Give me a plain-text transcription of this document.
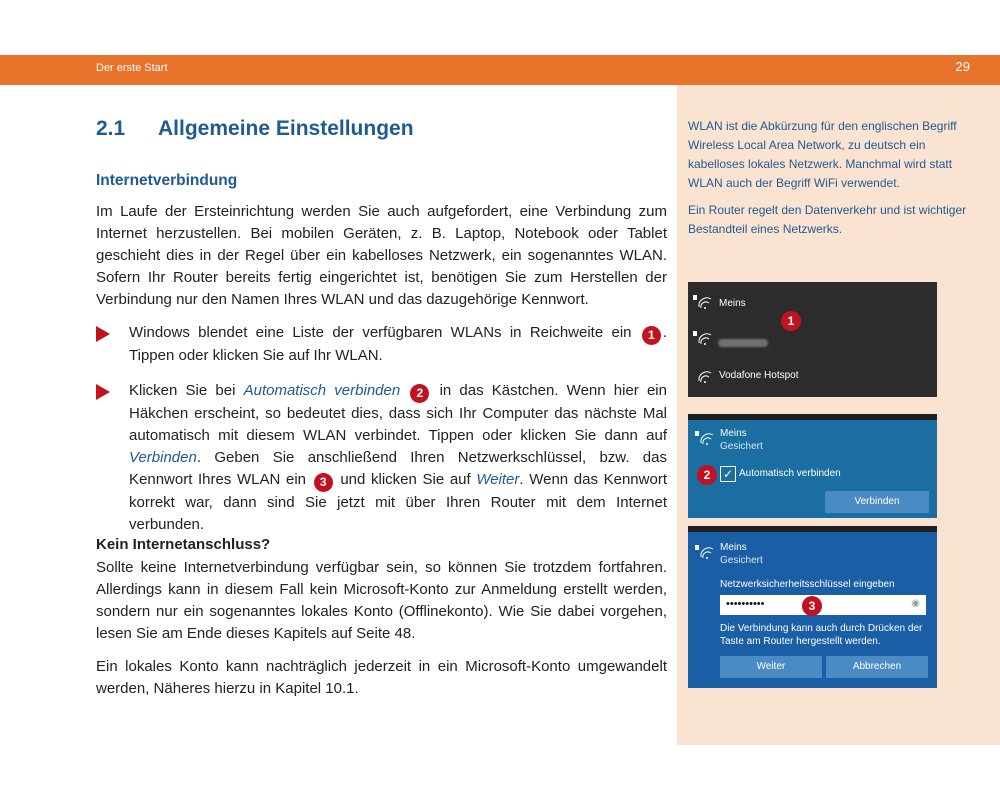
Der erste Start	29
2.1 Allgemeine Einstellungen
Internetverbindung
Im Laufe der Ersteinrichtung werden Sie auch aufgefordert, eine Verbindung zum Internet herzustellen. Bei mobilen Geräten, z. B. Laptop, Notebook oder Tablet geschieht dies in der Regel über ein kabelloses Netzwerk, ein sogenanntes WLAN. Sofern Ihr Router bereits fertig eingerichtet ist, benötigen Sie zum Herstellen der Verbindung nur den Namen Ihres WLAN und das dazugehörige Kennwort.
Windows blendet eine Liste der verfügbaren WLANs in Reichweite ein 1 . Tippen oder klicken Sie auf Ihr WLAN.
Klicken Sie bei Automatisch verbinden 2 in das Kästchen. Wenn hier ein Häkchen erscheint, so bedeutet dies, dass sich Ihr Computer das nächste Mal automatisch mit diesem WLAN verbindet. Tippen oder klicken Sie dann auf Verbinden. Geben Sie anschließend Ihren Netzwerkschlüssel, bzw. das Kennwort Ihres WLAN ein 3 und klicken Sie auf Weiter. Wenn das Kennwort korrekt war, dann sind Sie jetzt mit über Ihren Router mit dem Internet verbunden.
Kein Internetanschluss?
Sollte keine Internetverbindung verfügbar sein, so können Sie trotzdem fortfahren. Allerdings kann in diesem Fall kein Microsoft-Konto zur Anmeldung erstellt werden, sondern nur ein sogenanntes lokales Konto (Offlinekonto). Wie Sie dabei vorgehen, lesen Sie am Ende dieses Kapitels auf Seite 48.
Ein lokales Konto kann nachträglich jederzeit in ein Microsoft-Konto umgewandelt werden, Näheres hierzu in Kapitel 10.1.
WLAN ist die Abkürzung für den englischen Begriff Wireless Local Area Network, zu deutsch ein kabelloses lokales Netzwerk. Manchmal wird statt WLAN auch der Begriff WiFi verwendet.
Ein Router regelt den Datenverkehr und ist wichtiger Bestandteil eines Netzwerks.
Meins
Vodafone Hotspot
1
Meins
Gesichert
2	✓ Automatisch verbinden
Verbinden
Meins
Gesichert
Netzwerksicherheitsschlüssel eingeben
••••••••••	◉
3
Die Verbindung kann auch durch Drücken der Taste am Router hergestellt werden.
Weiter	Abbrechen
